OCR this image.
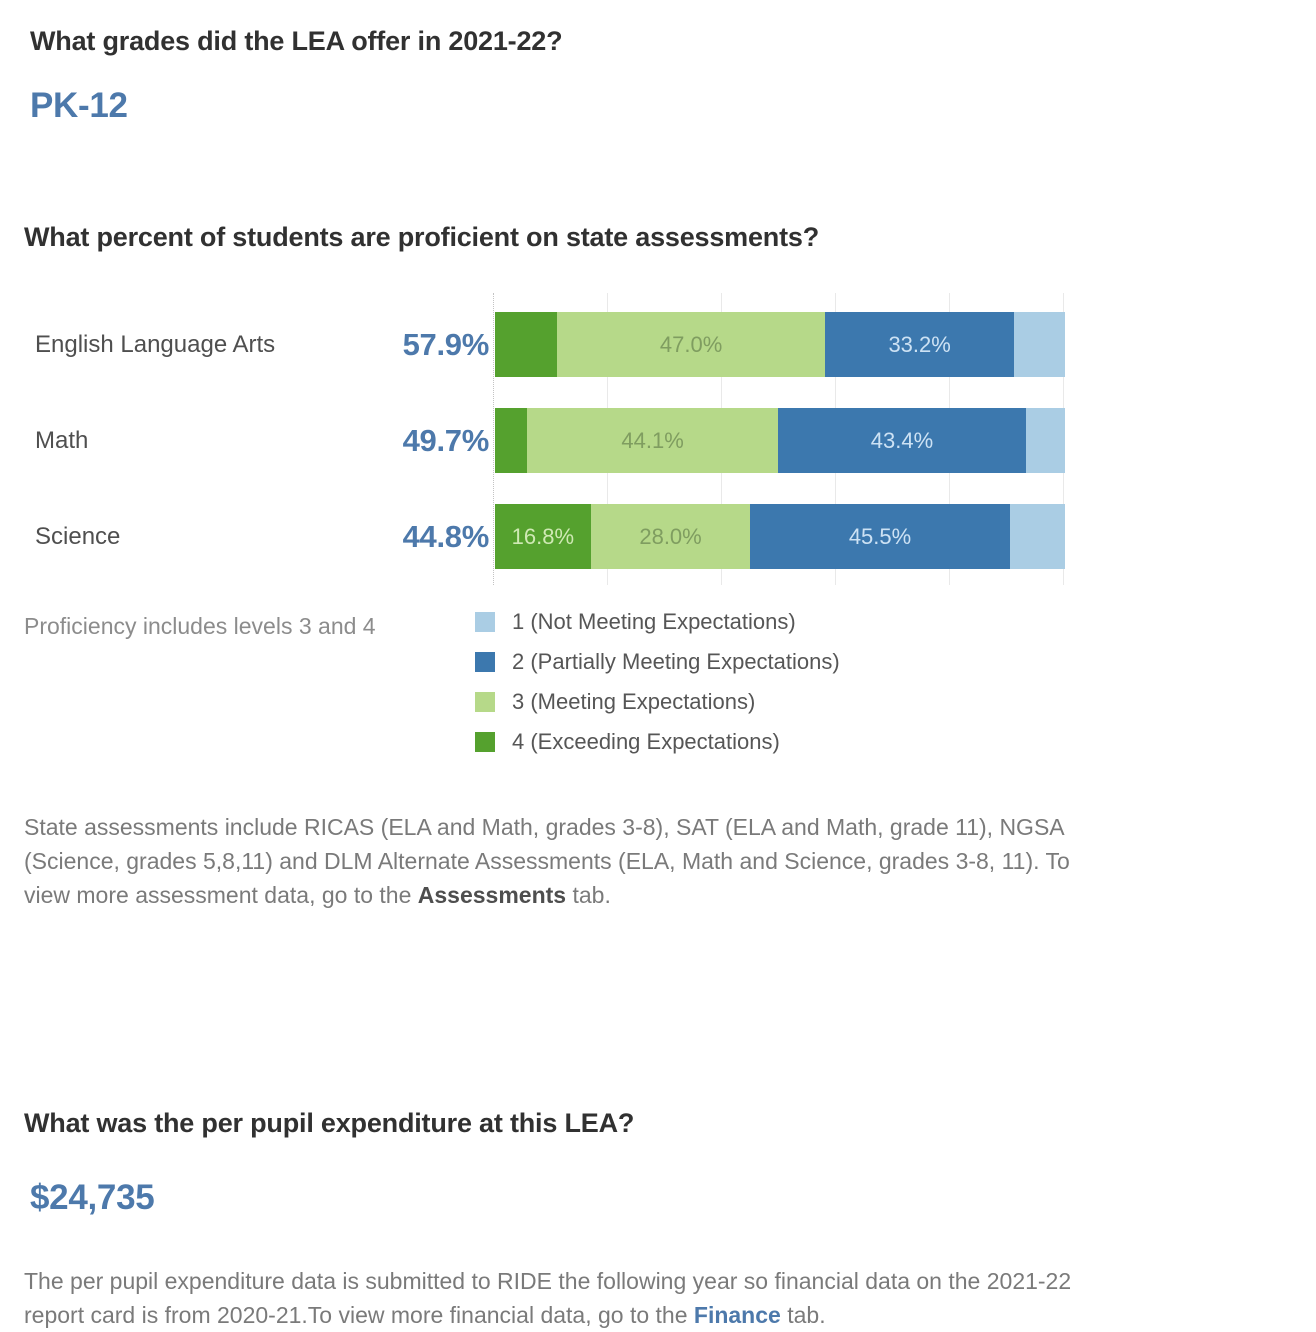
What grades did the LEA offer in 2021-22?
PK-12
What percent of students are proficient on state assessments?
English Language Arts	57.9%	47.0%	33.2%
Math	49.7%	44.1%	43.4%
Science	44.8%	16.8%	28.0%	45.5%
Proficiency includes levels 3 and 4	1 (Not Meeting Expectations)
2 (Partially Meeting Expectations)
3 (Meeting Expectations)
4 (Exceeding Expectations)

State assessments include RICAS (ELA and Math, grades 3-8), SAT (ELA and Math, grade 11), NGSA (Science, grades 5,8,11) and DLM Alternate Assessments (ELA, Math and Science, grades 3-8, 11). To view more assessment data, go to the Assessments tab.

What was the per pupil expenditure at this LEA?
$24,735

The per pupil expenditure data is submitted to RIDE the following year so financial data on the 2021-22 report card is from 2020-21.To view more financial data, go to the Finance tab.
